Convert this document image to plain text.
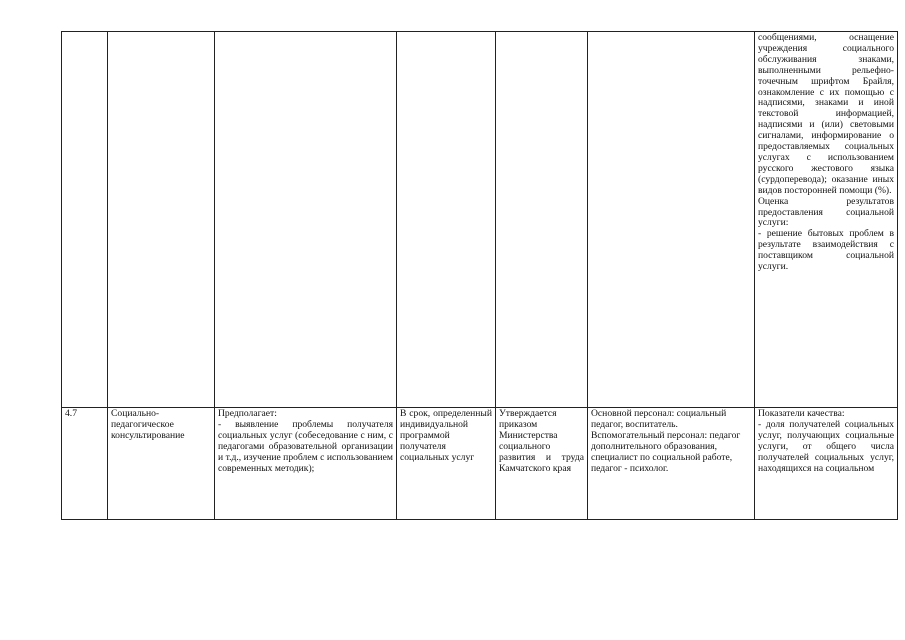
						сообщениями, оснащение учреждения социального обслуживания знаками, выполненными рельефно-точечным шрифтом Брайля, ознакомление с их помощью с надписями, знаками и иной текстовой информацией, надписями и (или) световыми сигналами, информирование о предоставляемых социальных услугах с использованием русского жестового языка (сурдоперевода); оказание иных видов посторонней помощи (%).
Оценка результатов предоставления социальной услуги:
- решение бытовых проблем в результате взаимодействия с поставщиком социальной услуги.
4.7	Социально-педагогическое консультирование	Предполагает:
- выявление проблемы получателя социальных услуг (собеседование с ним, с педагогами образовательной организации и т.д., изучение проблем с использованием современных методик);	В срок, определенный индивидуальной программой получателя социальных услуг	Утверждается приказом Министерства социального развития и труда Камчатского края	Основной персонал: социальный педагог, воспитатель.
Вспомогательный персонал: педагог дополнительного образования, специалист по социальной работе, педагог - психолог.	Показатели качества:
- доля получателей социальных услуг, получающих социальные услуги, от общего числа получателей социальных услуг, находящихся на социальном
